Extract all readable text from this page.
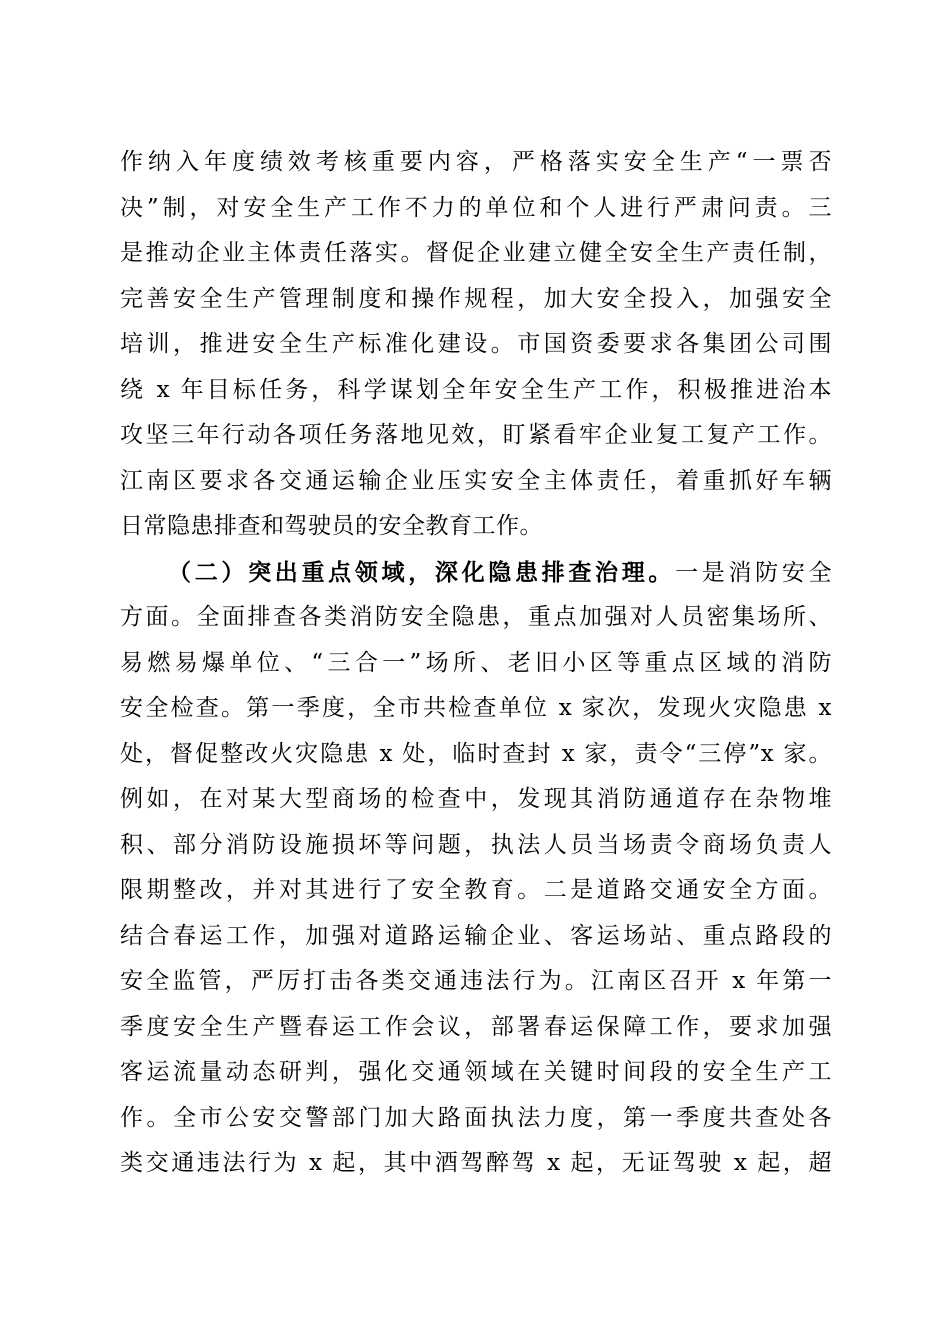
作纳入年度绩效考核重要内容，严格落实安全生产“一票否
决”制，对安全生产工作不力的单位和个人进行严肃问责。三
是推动企业主体责任落实。督促企业建立健全安全生产责任制，
完善安全生产管理制度和操作规程，加大安全投入，加强安全
培训，推进安全生产标准化建设。市国资委要求各集团公司围
绕 x 年目标任务，科学谋划全年安全生产工作，积极推进治本
攻坚三年行动各项任务落地见效，盯紧看牢企业复工复产工作。
江南区要求各交通运输企业压实安全主体责任，着重抓好车辆
日常隐患排查和驾驶员的安全教育工作。
（二）突出重点领域，深化隐患排查治理。一是消防安全
方面。全面排查各类消防安全隐患，重点加强对人员密集场所、
易燃易爆单位、“三合一”场所、老旧小区等重点区域的消防
安全检查。第一季度，全市共检查单位 x 家次，发现火灾隐患 x
处，督促整改火灾隐患 x 处，临时查封 x 家，责令“三停”x 家。
例如，在对某大型商场的检查中，发现其消防通道存在杂物堆
积、部分消防设施损坏等问题，执法人员当场责令商场负责人
限期整改，并对其进行了安全教育。二是道路交通安全方面。
结合春运工作，加强对道路运输企业、客运场站、重点路段的
安全监管，严厉打击各类交通违法行为。江南区召开 x 年第一
季度安全生产暨春运工作会议，部署春运保障工作，要求加强
客运流量动态研判，强化交通领域在关键时间段的安全生产工
作。全市公安交警部门加大路面执法力度，第一季度共查处各
类交通违法行为 x 起，其中酒驾醉驾 x 起，无证驾驶 x 起，超
